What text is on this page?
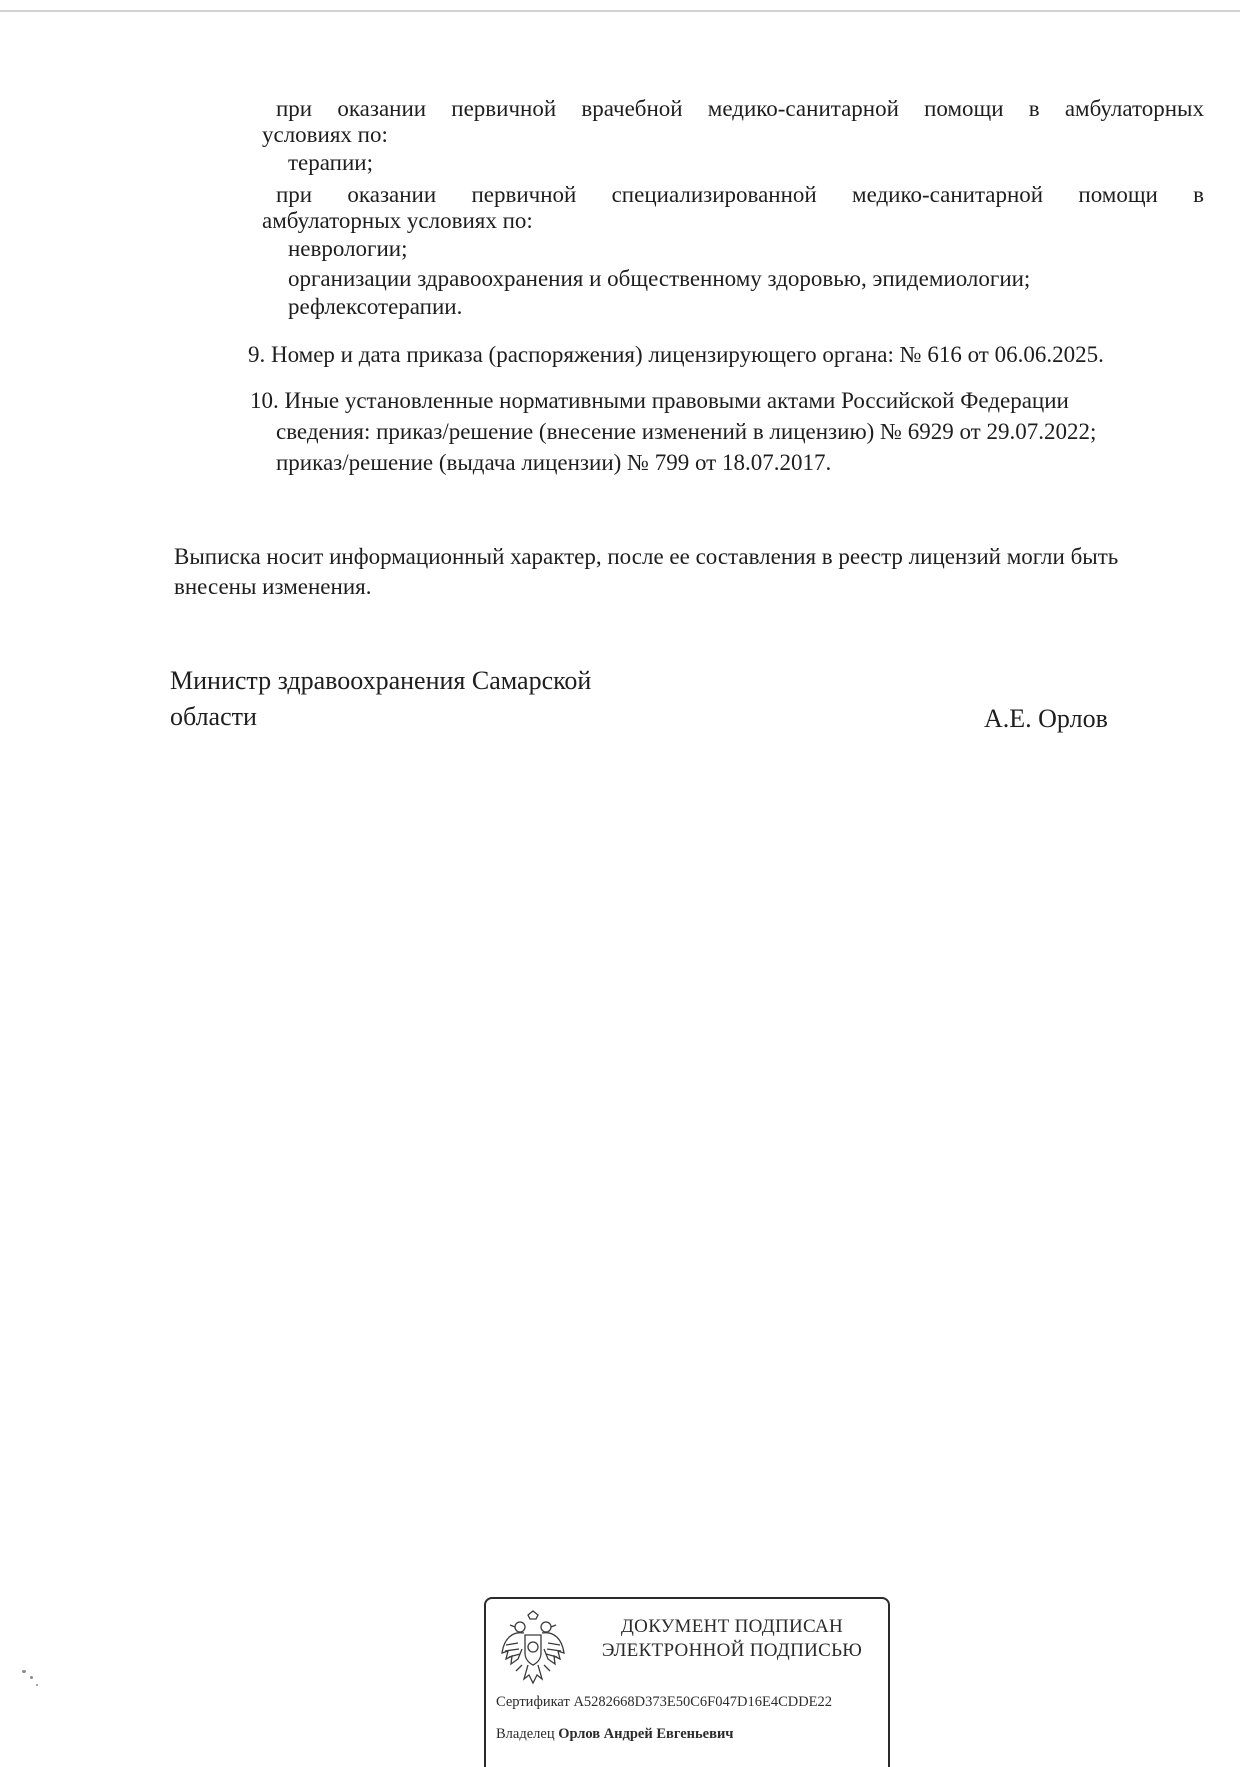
при оказании первичной врачебной медико-санитарной помощи в амбулаторных
условиях по:
терапии;
при оказании первичной специализированной медико-санитарной помощи в
амбулаторных условиях по:
неврологии;
организации здравоохранения и общественному здоровью, эпидемиологии;
рефлексотерапии.
9. Номер и дата приказа (распоряжения) лицензирующего органа: № 616 от 06.06.2025.
10. Иные установленные нормативными правовыми актами Российской Федерации
сведения: приказ/решение (внесение изменений в лицензию) № 6929 от 29.07.2022;
приказ/решение (выдача лицензии) № 799 от 18.07.2017.
Выписка носит информационный характер, после ее составления в реестр лицензий могли быть
внесены изменения.
Министр здравоохранения Самарской
области	А.Е. Орлов
ДОКУМЕНТ ПОДПИСАН
ЭЛЕКТРОННОЙ ПОДПИСЬЮ
Сертификат A5282668D373E50C6F047D16E4CDDE22
Владелец Орлов Андрей Евгеньевич
